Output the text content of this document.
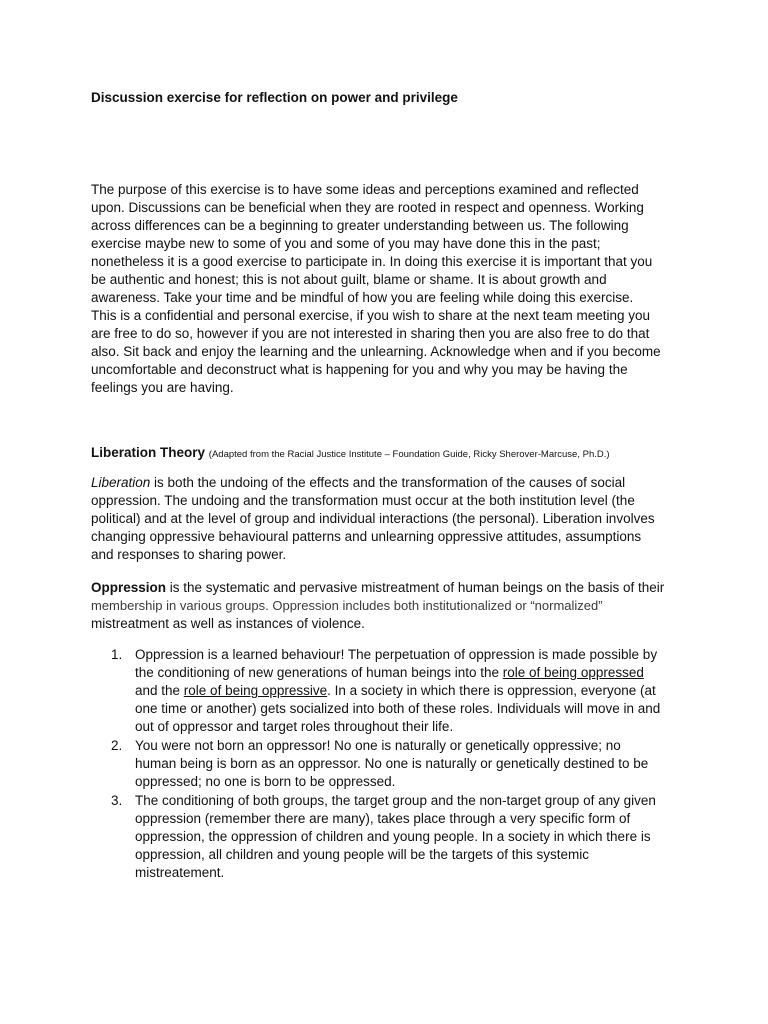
Discussion exercise for reflection on power and privilege
The purpose of this exercise is to have some ideas and perceptions examined and reflected
upon. Discussions can be beneficial when they are rooted in respect and openness. Working
across differences can be a beginning to greater understanding between us. The following
exercise maybe new to some of you and some of you may have done this in the past;
nonetheless it is a good exercise to participate in. In doing this exercise it is important that you
be authentic and honest; this is not about guilt, blame or shame. It is about growth and
awareness. Take your time and be mindful of how you are feeling while doing this exercise.
This is a confidential and personal exercise, if you wish to share at the next team meeting you
are free to do so, however if you are not interested in sharing then you are also free to do that
also. Sit back and enjoy the learning and the unlearning. Acknowledge when and if you become
uncomfortable and deconstruct what is happening for you and why you may be having the
feelings you are having.
Liberation Theory (Adapted from the Racial Justice Institute – Foundation Guide, Ricky Sherover-Marcuse, Ph.D.)
Liberation is both the undoing of the effects and the transformation of the causes of social
oppression. The undoing and the transformation must occur at the both institution level (the
political) and at the level of group and individual interactions (the personal). Liberation involves
changing oppressive behavioural patterns and unlearning oppressive attitudes, assumptions
and responses to sharing power.
Oppression is the systematic and pervasive mistreatment of human beings on the basis of their
membership in various groups. Oppression includes both institutionalized or “normalized”
mistreatment as well as instances of violence.
1. Oppression is a learned behaviour! The perpetuation of oppression is made possible by
the conditioning of new generations of human beings into the role of being oppressed
and the role of being oppressive. In a society in which there is oppression, everyone (at
one time or another) gets socialized into both of these roles. Individuals will move in and
out of oppressor and target roles throughout their life.
2. You were not born an oppressor! No one is naturally or genetically oppressive; no
human being is born as an oppressor. No one is naturally or genetically destined to be
oppressed; no one is born to be oppressed.
3. The conditioning of both groups, the target group and the non-target group of any given
oppression (remember there are many), takes place through a very specific form of
oppression, the oppression of children and young people. In a society in which there is
oppression, all children and young people will be the targets of this systemic
mistreatement.
